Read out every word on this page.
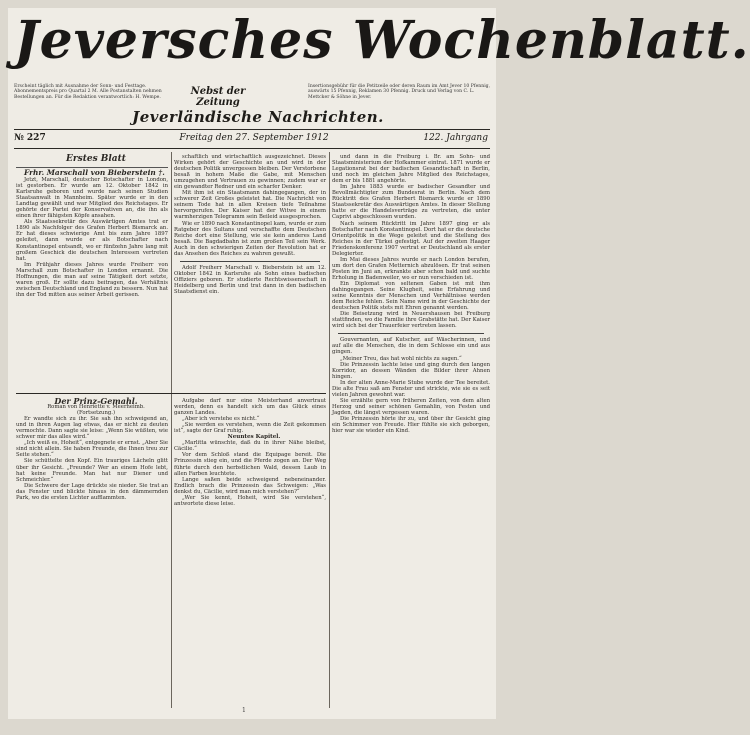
Jeversches Wochenblatt.
Erscheint täglich mit Ausnahme der Sonn- und Festtage. Abonnementspreis pro Quartal 2 M. Alle Postanstalten nehmen Bestellungen an. Für die Redaktion verantwortlich: H. Wempe.
Nebst der Zeitung
Insertionsgebühr für die Petitzeile oder deren Raum im Amt Jever 10 Pfennig, auswärts 15 Pfennig, Reklamen 30 Pfennig. Druck und Verlag von C. L. Mettcker & Söhne in Jever.
Jeverländische Nachrichten.
№ 227	Freitag den 27. September 1912	122. Jahrgang

Erstes Blatt

Frhr. Marschall von Bieberstein †.

Jetzt, Marschall, deutscher Botschafter in London, ist gestorben. Er wurde am 12. Oktober 1842 in Karlsruhe geboren und wurde nach seinen Studien Staatsanwalt in Mannheim. Später wurde er in den Landtag gewählt und war Mitglied des Reichstages. Er gehörte der Partei der Konservativen an, die ihn als einen ihrer fähigsten Köpfe ansahen.

Als Staatssekretär des Auswärtigen Amtes trat er 1890 als Nachfolger des Grafen Herbert Bismarck an. Er hat dieses schwierige Amt bis zum Jahre 1897 geleitet, dann wurde er als Botschafter nach Konstantinopel entsandt, wo er fünfzehn Jahre lang mit großem Geschick die deutschen Interessen vertreten hat.

Im Frühjahr dieses Jahres wurde Freiherr von Marschall zum Botschafter in London ernannt. Die Hoffnungen, die man auf seine Tätigkeit dort setzte, waren groß. Er sollte dazu beitragen, das Verhältnis zwischen Deutschland und England zu bessern. Nun hat ihn der Tod mitten aus seiner Arbeit gerissen.

schaftlich und wirtschaftlich ausgezeichnet. Dieses Wirken gehört der Geschichte an und wird in der deutschen Politik unvergessen bleiben. Der Verstorbene besaß in hohem Maße die Gabe, mit Menschen umzugehen und Vertrauen zu gewinnen; zudem war er ein gewandter Redner und ein scharfer Denker.

Mit ihm ist ein Staatsmann dahingegangen, der in schwerer Zeit Großes geleistet hat. Die Nachricht von seinem Tode hat in allen Kreisen tiefe Teilnahme hervorgerufen. Der Kaiser hat der Witwe in einem warmherzigen Telegramm sein Beileid ausgesprochen.

Wie er 1890 nach Konstantinopel kam, wurde er zum Ratgeber des Sultans und verschaffte dem Deutschen Reiche dort eine Stellung, wie sie kein anderes Land besaß. Die Bagdadbahn ist zum großen Teil sein Werk. Auch in den schwierigen Zeiten der Revolution hat er das Ansehen des Reiches zu wahren gewußt.

Adolf Freiherr Marschall v. Bieberstein ist am 12. Oktober 1842 in Karlsruhe als Sohn eines badischen Offiziers geboren. Er studierte Rechtswissenschaft in Heidelberg und Berlin und trat dann in den badischen Staatsdienst ein.

und dann in die Freiburg i. Br. am Sohn- und Staatsministerium der Hofkammer eintrat. 1871 wurde er Legationsrat bei der badischen Gesandtschaft in Berlin, und noch im gleichen Jahre Mitglied des Reichstages, dem er bis 1881 angehörte.

Im Jahre 1883 wurde er badischer Gesandter und Bevollmächtigter zum Bundesrat in Berlin. Nach dem Rücktritt des Grafen Herbert Bismarck wurde er 1890 Staatssekretär des Auswärtigen Amtes. In dieser Stellung hatte er die Handelsverträge zu vertreten, die unter Caprivi abgeschlossen wurden.

Nach seinem Rücktritt im Jahre 1897 ging er als Botschafter nach Konstantinopel. Dort hat er die deutsche Orientpolitik in die Wege geleitet und die Stellung des Reiches in der Türkei gefestigt. Auf der zweiten Haager Friedenskonferenz 1907 vertrat er Deutschland als erster Delegierter.

Im Mai dieses Jahres wurde er nach London berufen, um dort den Grafen Metternich abzulösen. Er trat seinen Posten im Juni an, erkrankte aber schon bald und suchte Erholung in Badenweiler, wo er nun verschieden ist.

Ein Diplomat von seltenen Gaben ist mit ihm dahingegangen. Seine Klugheit, seine Erfahrung und seine Kenntnis der Menschen und Verhältnisse werden dem Reiche fehlen. Sein Name wird in der Geschichte der deutschen Politik stets mit Ehren genannt werden.

Die Beisetzung wird in Neuershausen bei Freiburg stattfinden, wo die Familie ihre Grabstätte hat. Der Kaiser wird sich bei der Trauerfeier vertreten lassen.

Gouvernanten, auf Kutscher, auf Wäscherinnen, und auf alle die Menschen, die in dem Schlosse ein und aus gingen.

„Meiner Treu, das hat wohl nichts zu sagen.“

Die Prinzessin lachte leise und ging durch den langen Korridor, an dessen Wänden die Bilder ihrer Ahnen hingen.

In der alten Anne-Marie Stube wurde der Tee bereitet. Die alte Frau saß am Fenster und strickte, wie sie es seit vielen Jahren gewohnt war.

Sie erzählte gern von früheren Zeiten, von dem alten Herzog und seiner schönen Gemahlin, von Festen und Jagden, die längst vergessen waren.

Die Prinzessin hörte ihr zu, und über ihr Gesicht ging ein Schimmer von Freude. Hier fühlte sie sich geborgen, hier war sie wieder ein Kind.

Der Prinz-Gemahl.

Roman von Henriette v. Meerheimb.

(Fortsetzung.)

Er wandte sich zu ihr. Sie sah ihn schweigend an, und in ihren Augen lag etwas, das er nicht zu deuten vermochte. Dann sagte sie leise: „Wenn Sie wüßten, wie schwer mir das alles wird.“

„Ich weiß es, Hoheit“, entgegnete er ernst. „Aber Sie sind nicht allein. Sie haben Freunde, die Ihnen treu zur Seite stehen.“

Sie schüttelte den Kopf. Ein trauriges Lächeln glitt über ihr Gesicht. „Freunde? Wer an einem Hofe lebt, hat keine Freunde. Man hat nur Diener und Schmeichler.“

Die Schwere der Lage drückte sie nieder. Sie trat an das Fenster und blickte hinaus in den dämmernden Park, wo die ersten Lichter aufflammten.

Aufgabe darf nur eine Meisterhand anvertraut werden, denn es handelt sich um das Glück eines ganzen Landes.

„Aber ich verstehe es nicht.“

„Sie werden es verstehen, wenn die Zeit gekommen ist“, sagte der Graf ruhig.

Neuntes Kapitel.

„Marlitta wünschte, daß du in ihrer Nähe bleibst, Cäcilie.“

Vor dem Schloß stand die Equipage bereit. Die Prinzessin stieg ein, und die Pferde zogen an. Der Weg führte durch den herbstlichen Wald, dessen Laub in allen Farben leuchtete.

Lange saßen beide schweigend nebeneinander. Endlich brach die Prinzessin das Schweigen: „Was denkst du, Cäcilie, wird man mich verstehen?“

„Wer Sie kennt, Hoheit, wird Sie verstehen“, antwortete diese leise.

1
